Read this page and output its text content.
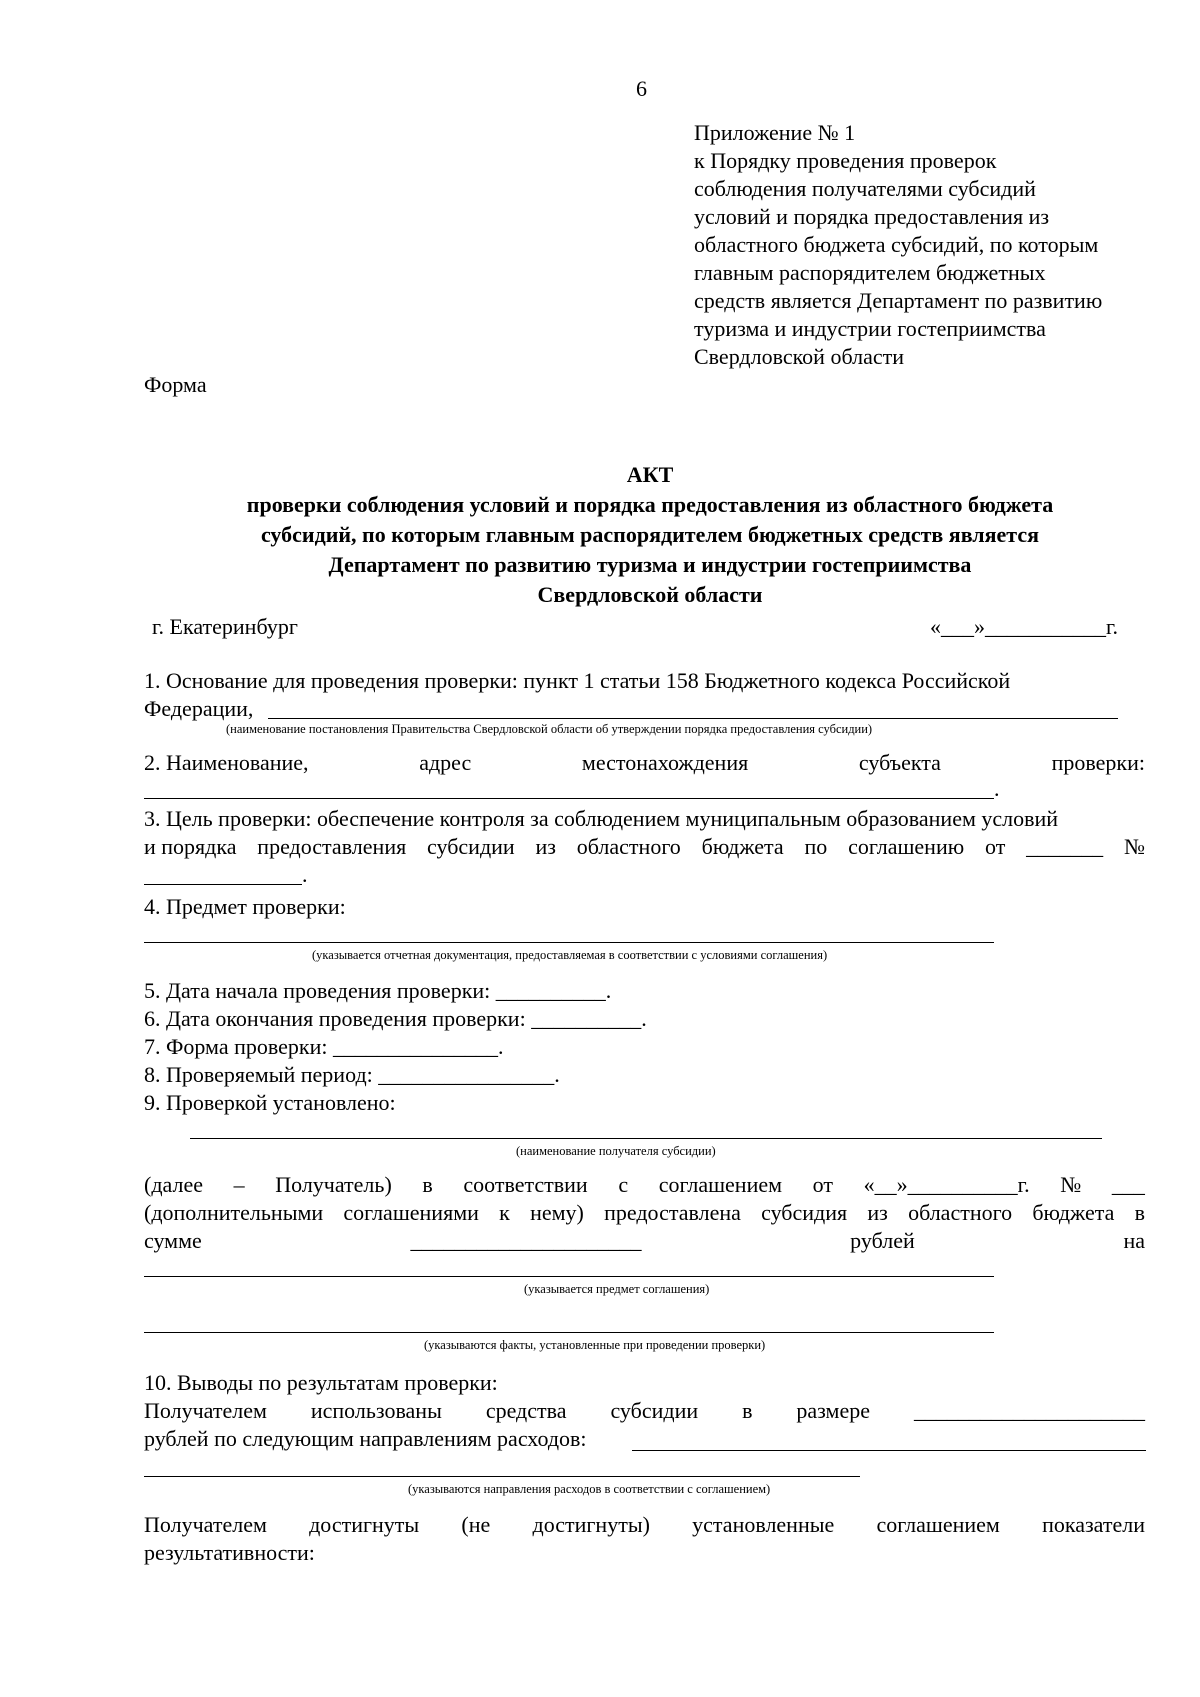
6
Приложение № 1
к Порядку проведения проверок
соблюдения получателями субсидий
условий и порядка предоставления из
областного бюджета субсидий, по которым
главным распорядителем бюджетных
средств является Департамент по развитию
туризма и индустрии гостеприимства
Свердловской области
Форма
АКТ
проверки соблюдения условий и порядка предоставления из областного бюджета
субсидий, по которым главным распорядителем бюджетных средств является
Департамент по развитию туризма и индустрии гостеприимства
Свердловской области
г. Екатеринбург	«___»___________г.
1. Основание для проведения проверки: пункт 1 статьи 158 Бюджетного кодекса Российской
Федерации,
(наименование постановления Правительства Свердловской области об утверждении порядка предоставления субсидии)
2. Наименование,	адрес	местонахождения	субъекта	проверки:
.
3. Цель проверки: обеспечение контроля за соблюдением муниципальным образованием условий
и порядка предоставления субсидии из областного бюджета по соглашению от _______ №
.
4. Предмет проверки:
(указывается отчетная документация, предоставляемая в соответствии с условиями соглашения)
5. Дата начала проведения проверки: __________.
6. Дата окончания проведения проверки: __________.
7. Форма проверки: _______________.
8. Проверяемый период: ________________.
9. Проверкой установлено:
(наименование получателя субсидии)
(далее – Получатель) в соответствии с соглашением от «__»__________г. № ___
(дополнительными соглашениями к нему) предоставлена субсидия из областного бюджета в
сумме	_____________________	рублей	на
(указывается предмет соглашения)
(указываются факты, установленные при проведении проверки)
10. Выводы по результатам проверки:
Получателем использованы средства субсидии в размере _____________________
рублей по следующим направлениям расходов:
(указываются направления расходов в соответствии с соглашением)
Получателем достигнуты (не достигнуты) установленные соглашением показатели
результативности:
